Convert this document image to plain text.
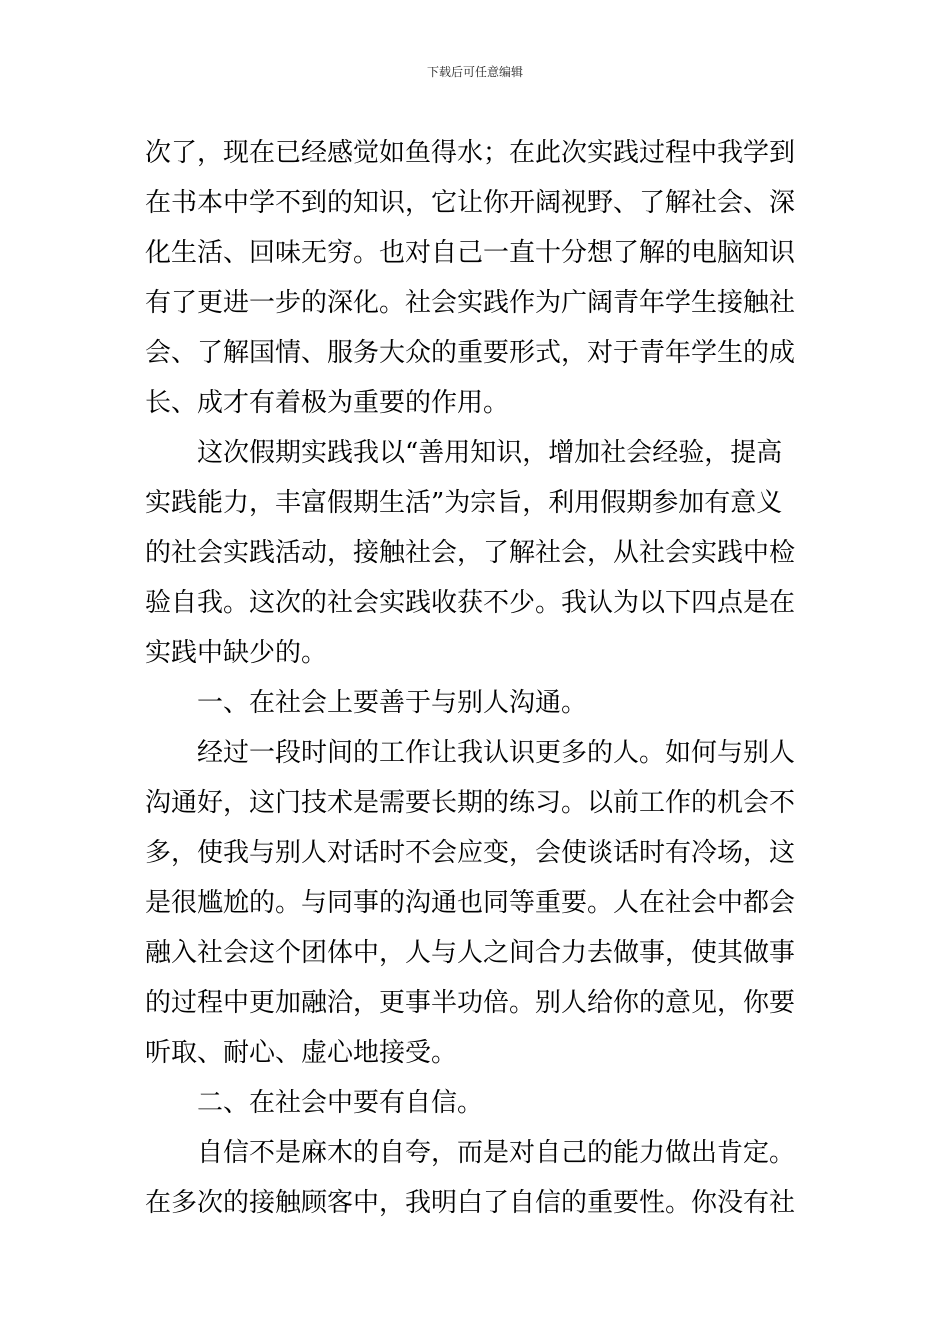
下载后可任意编辑
次了，现在已经感觉如鱼得水；在此次实践过程中我学到
在书本中学不到的知识，它让你开阔视野、了解社会、深
化生活、回味无穷。也对自己一直十分想了解的电脑知识
有了更进一步的深化。社会实践作为广阔青年学生接触社
会、了解国情、服务大众的重要形式，对于青年学生的成
长、成才有着极为重要的作用。
这次假期实践我以“善用知识，增加社会经验，提高
实践能力，丰富假期生活”为宗旨，利用假期参加有意义
的社会实践活动，接触社会，了解社会，从社会实践中检
验自我。这次的社会实践收获不少。我认为以下四点是在
实践中缺少的。
一、在社会上要善于与别人沟通。
经过一段时间的工作让我认识更多的人。如何与别人
沟通好，这门技术是需要长期的练习。以前工作的机会不
多，使我与别人对话时不会应变，会使谈话时有冷场，这
是很尴尬的。与同事的沟通也同等重要。人在社会中都会
融入社会这个团体中，人与人之间合力去做事，使其做事
的过程中更加融洽，更事半功倍。别人给你的意见，你要
听取、耐心、虚心地接受。
二、在社会中要有自信。
自信不是麻木的自夸，而是对自己的能力做出肯定。
在多次的接触顾客中，我明白了自信的重要性。你没有社
